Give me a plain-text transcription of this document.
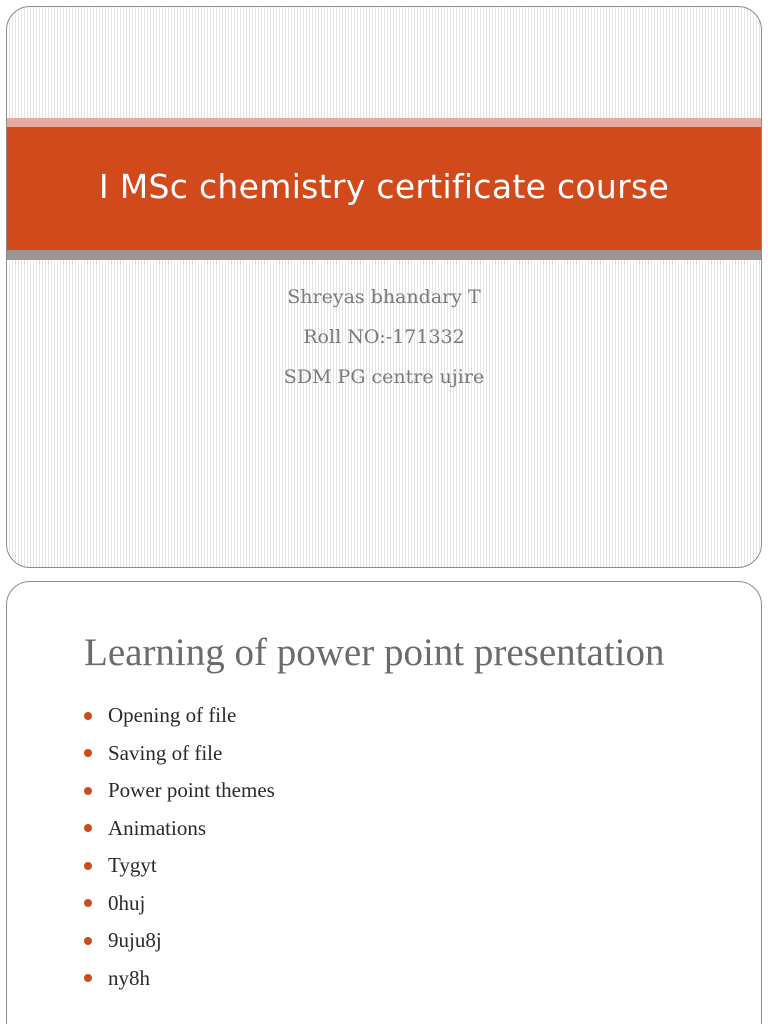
I MSc chemistry certificate course
Shreyas bhandary T
Roll NO:-171332
SDM PG centre ujire
Learning of power point presentation
Opening of file
Saving of file
Power point themes
Animations
Tygyt
0huj
9uju8j
ny8h
